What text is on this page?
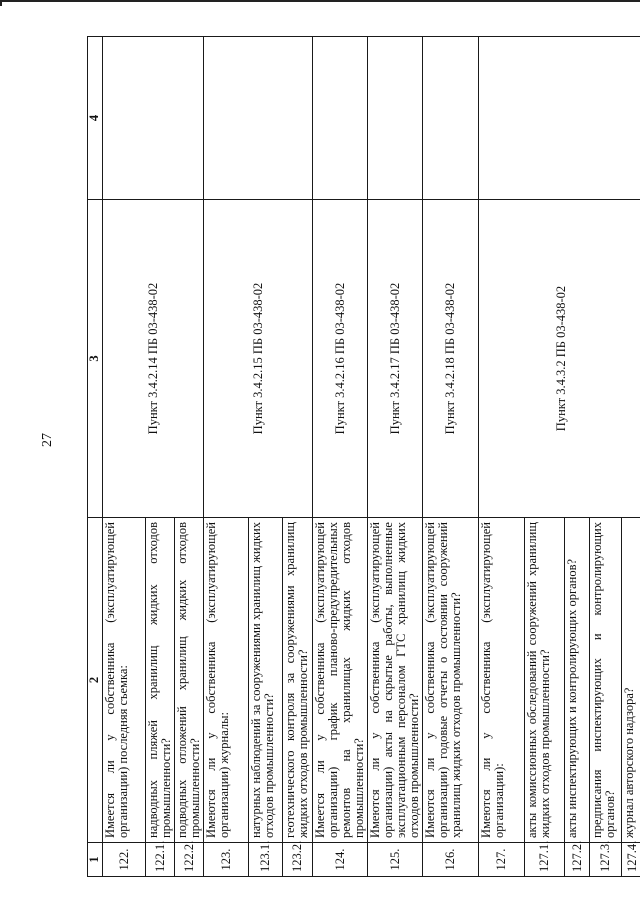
27
1	2	3	4
122.	Имеется ли у собственника (эксплуатирующей организации) последняя съемка:	Пункт 3.4.2.14 ПБ 03-438-02	
122.1.	надводных пляжей хранилищ жидких отходов промышленности?		
122.2.	подводных отложений хранилищ жидких отходов промышленности?		
123.	Имеются ли у собственника (эксплуатирующей организации) журналы:	Пункт 3.4.2.15 ПБ 03-438-02	
123.1.	натурных наблюдений за сооружениями хранилищ жидких отходов промышленности?		
123.2.	геотехнического контроля за сооружениями хранилищ жидких отходов промышленности?		
124.	Имеется ли у собственника (эксплуатирующей организации) график планово-предупредительных ремонтов на хранилищах жидких отходов промышленности?	Пункт 3.4.2.16 ПБ 03-438-02	
125.	Имеются ли у собственника (эксплуатирующей организации) акты на скрытые работы, выполненные эксплуатационным персоналом ГТС хранилищ жидких отходов промышленности?	Пункт 3.4.2.17 ПБ 03-438-02	
126.	Имеются ли у собственника (эксплуатирующей организации) годовые отчеты о состоянии сооружений хранилищ жидких отходов промышленности?	Пункт 3.4.2.18 ПБ 03-438-02	
127.	Имеются ли у собственника (эксплуатирующей организации):	Пункт 3.4.3.2 ПБ 03-438-02	
127.1.	акты комиссионных обследований сооружений хранилищ жидких отходов промышленности?		
127.2.	акты инспектирующих и контролирующих органов?		
127.3.	предписания инспектирующих и контролирующих органов?		
127.4.	журнал авторского надзора?		
